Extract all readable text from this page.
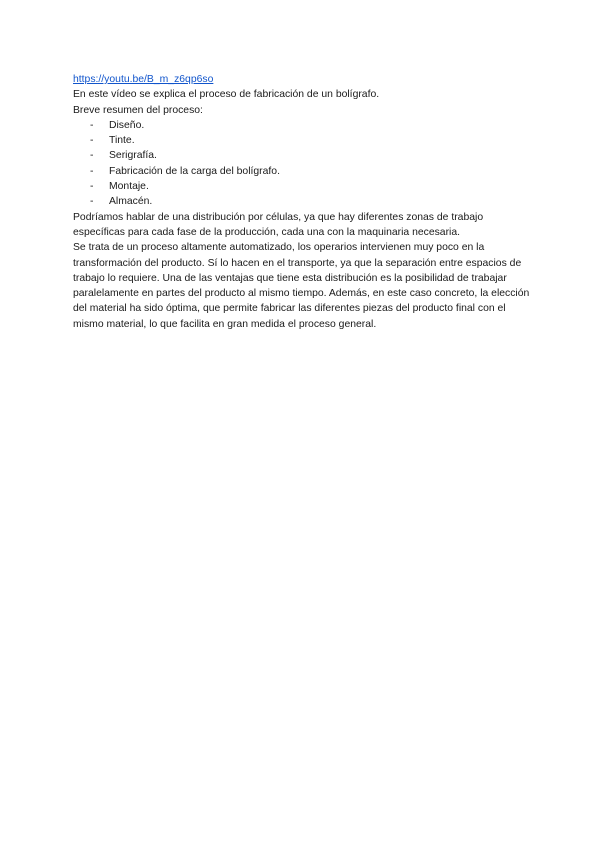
https://youtu.be/B_m_z6qp6so

En este vídeo se explica el proceso de fabricación de un bolígrafo.

Breve resumen del proceso:

- Diseño.
- Tinte.
- Serigrafía.
- Fabricación de la carga del bolígrafo.
- Montaje.
- Almacén.

Podríamos hablar de una distribución por células, ya que hay diferentes zonas de trabajo específicas para cada fase de la producción, cada una con la maquinaria necesaria.

Se trata de un proceso altamente automatizado, los operarios intervienen muy poco en la transformación del producto. Sí lo hacen en el transporte, ya que la separación entre espacios de trabajo lo requiere. Una de las ventajas que tiene esta distribución es la posibilidad de trabajar paralelamente en partes del producto al mismo tiempo. Además, en este caso concreto, la elección del material ha sido óptima, que permite fabricar las diferentes piezas del producto final con el mismo material, lo que facilita en gran medida el proceso general.
